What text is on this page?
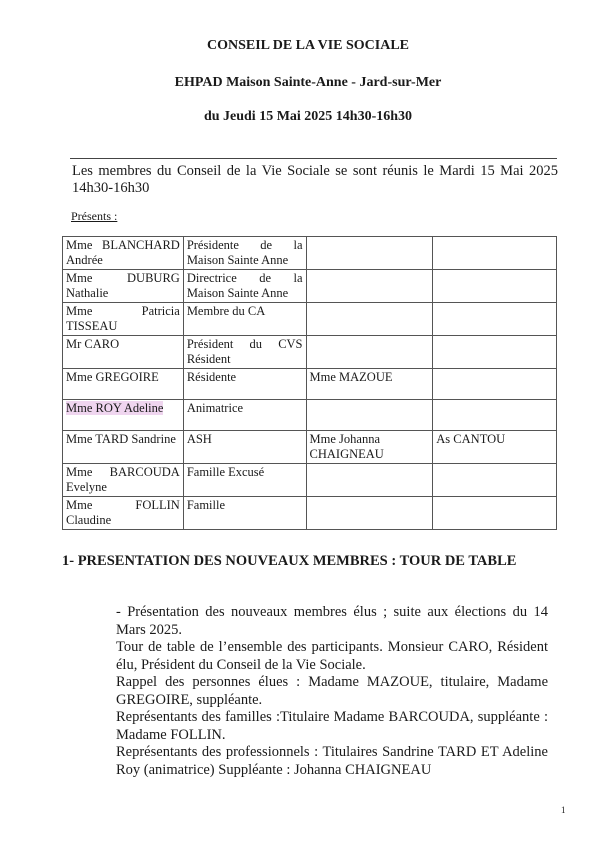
CONSEIL DE LA VIE SOCIALE
EHPAD Maison Sainte-Anne - Jard-sur-Mer
du Jeudi 15 Mai 2025 14h30-16h30
Les membres du Conseil de la Vie Sociale se sont réunis le Mardi 15 Mai 2025 14h30-16h30
Présents :
Mme BLANCHARD Andrée	Présidente de la Maison Sainte Anne		
Mme DUBURG Nathalie	Directrice de la Maison Sainte Anne		
Mme Patricia TISSEAU	Membre du CA		
Mr CARO	Président du CVS Résident		
Mme GREGOIRE	Résidente	Mme MAZOUE	
Mme ROY Adeline	Animatrice		
Mme TARD Sandrine	ASH	Mme Johanna CHAIGNEAU	As CANTOU
Mme BARCOUDA Evelyne	Famille Excusé		
Mme FOLLIN Claudine	Famille		
1- PRESENTATION DES NOUVEAUX MEMBRES : TOUR DE TABLE

- Présentation des nouveaux membres élus ; suite aux élections du 14 Mars 2025.

Tour de table de l’ensemble des participants. Monsieur CARO, Résident élu, Président du Conseil de la Vie Sociale.

Rappel des personnes élues : Madame MAZOUE, titulaire, Madame GREGOIRE, suppléante.

Représentants des familles :Titulaire Madame BARCOUDA, suppléante : Madame FOLLIN.

Représentants des professionnels : Titulaires Sandrine TARD ET Adeline Roy (animatrice) Suppléante : Johanna CHAIGNEAU

1
